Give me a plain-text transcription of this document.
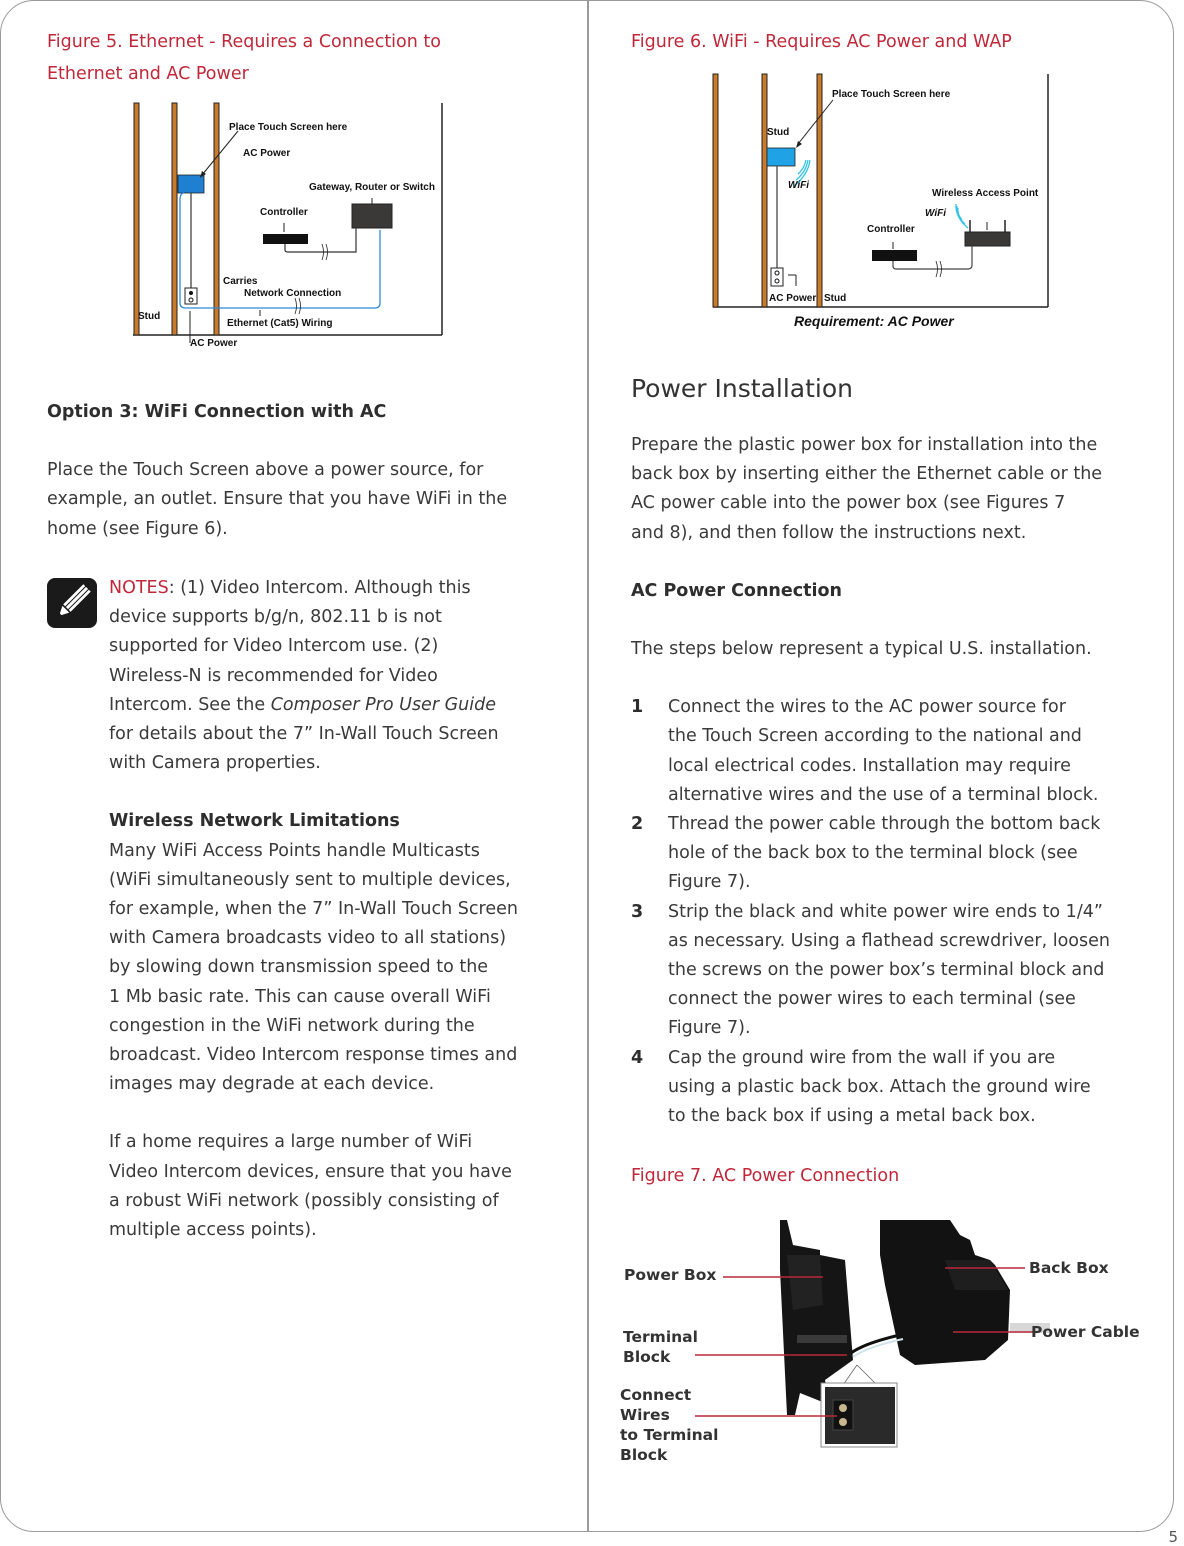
5

Figure 5. Ethernet - Requires a Connection to
Ethernet and AC Power

Place Touch Screen here
AC Power
Gateway, Router or Switch
Controller
Carries
Network Connection
Stud
Ethernet (Cat5) Wiring
AC Power

Option 3: WiFi Connection with AC

Place the Touch Screen above a power source, for
example, an outlet. Ensure that you have WiFi in the
home (see Figure 6).

NOTES: (1) Video Intercom. Although this
device supports b/g/n, 802.11 b is not
supported for Video Intercom use. (2)
Wireless-N is recommended for Video
Intercom. See the Composer Pro User Guide
for details about the 7” In-Wall Touch Screen
with Camera properties.

Wireless Network Limitations

Many WiFi Access Points handle Multicasts
(WiFi simultaneously sent to multiple devices,
for example, when the 7” In-Wall Touch Screen
with Camera broadcasts video to all stations)
by slowing down transmission speed to the
1 Mb basic rate. This can cause overall WiFi
congestion in the WiFi network during the
broadcast. Video Intercom response times and
images may degrade at each device.

If a home requires a large number of WiFi
Video Intercom devices, ensure that you have
a robust WiFi network (possibly consisting of
multiple access points).

Figure 6. WiFi - Requires AC Power and WAP

Place Touch Screen here
Stud
WiFi
Wireless Access Point
WiFi
Controller
AC Power Stud
Requirement: AC Power
Power Installation

Prepare the plastic power box for installation into the
back box by inserting either the Ethernet cable or the
AC power cable into the power box (see Figures 7
and 8), and then follow the instructions next.

AC Power Connection

The steps below represent a typical U.S. installation.

1 Connect the wires to the AC power source for
the Touch Screen according to the national and
local electrical codes. Installation may require
alternative wires and the use of a terminal block.
2 Thread the power cable through the bottom back
hole of the back box to the terminal block (see
Figure 7).
3 Strip the black and white power wire ends to 1/4”
as necessary. Using a flathead screwdriver, loosen
the screws on the power box’s terminal block and
connect the power wires to each terminal (see
Figure 7).
4 Cap the ground wire from the wall if you are
using a plastic back box. Attach the ground wire
to the back box if using a metal back box.

Figure 7. AC Power Connection

Power Box
Terminal
Block
Connect
Wires
to Terminal
Block
Back Box
Power Cable
